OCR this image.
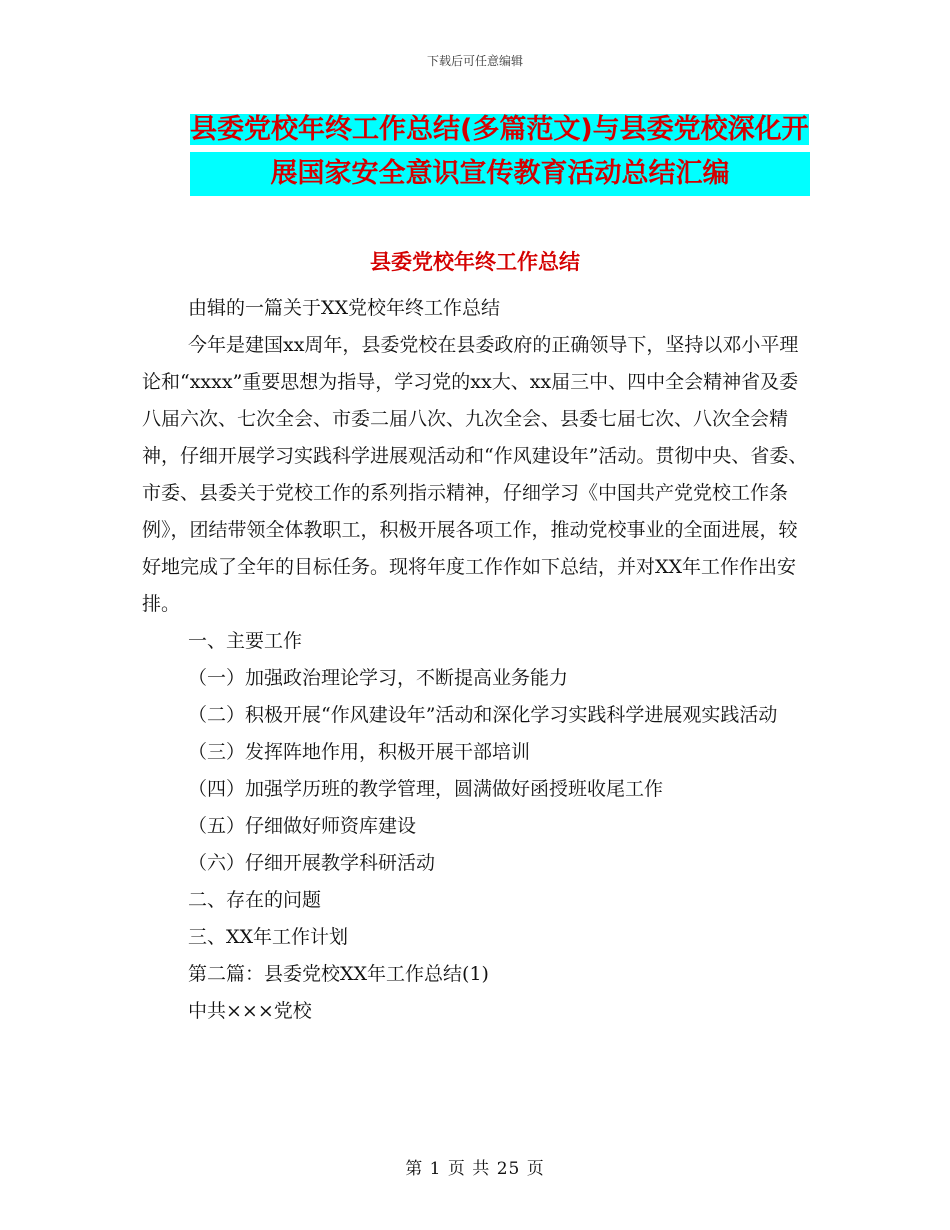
下载后可任意编辑
县委党校年终工作总结(多篇范文)与县委党校深化开
展国家安全意识宣传教育活动总结汇编
县委党校年终工作总结

由辑的一篇关于XX党校年终工作总结

今年是建国xx周年，县委党校在县委政府的正确领导下，坚持以邓小平理论和“xxxx”重要思想为指导，学习党的xx大、xx届三中、四中全会精神省及委八届六次、七次全会、市委二届八次、九次全会、县委七届七次、八次全会精神，仔细开展学习实践科学进展观活动和“作风建设年”活动。贯彻中央、省委、市委、县委关于党校工作的系列指示精神，仔细学习《中国共产党党校工作条例》，团结带领全体教职工，积极开展各项工作，推动党校事业的全面进展，较好地完成了全年的目标任务。现将年度工作作如下总结，并对XX年工作作出安排。

一、主要工作

（一）加强政治理论学习，不断提高业务能力

（二）积极开展“作风建设年”活动和深化学习实践科学进展观实践活动

（三）发挥阵地作用，积极开展干部培训

（四）加强学历班的教学管理，圆满做好函授班收尾工作

（五）仔细做好师资库建设

（六）仔细开展教学科研活动

二、存在的问题

三、XX年工作计划

第二篇：县委党校XX年工作总结(1)

中共×××党校

第 1 页 共 25 页
